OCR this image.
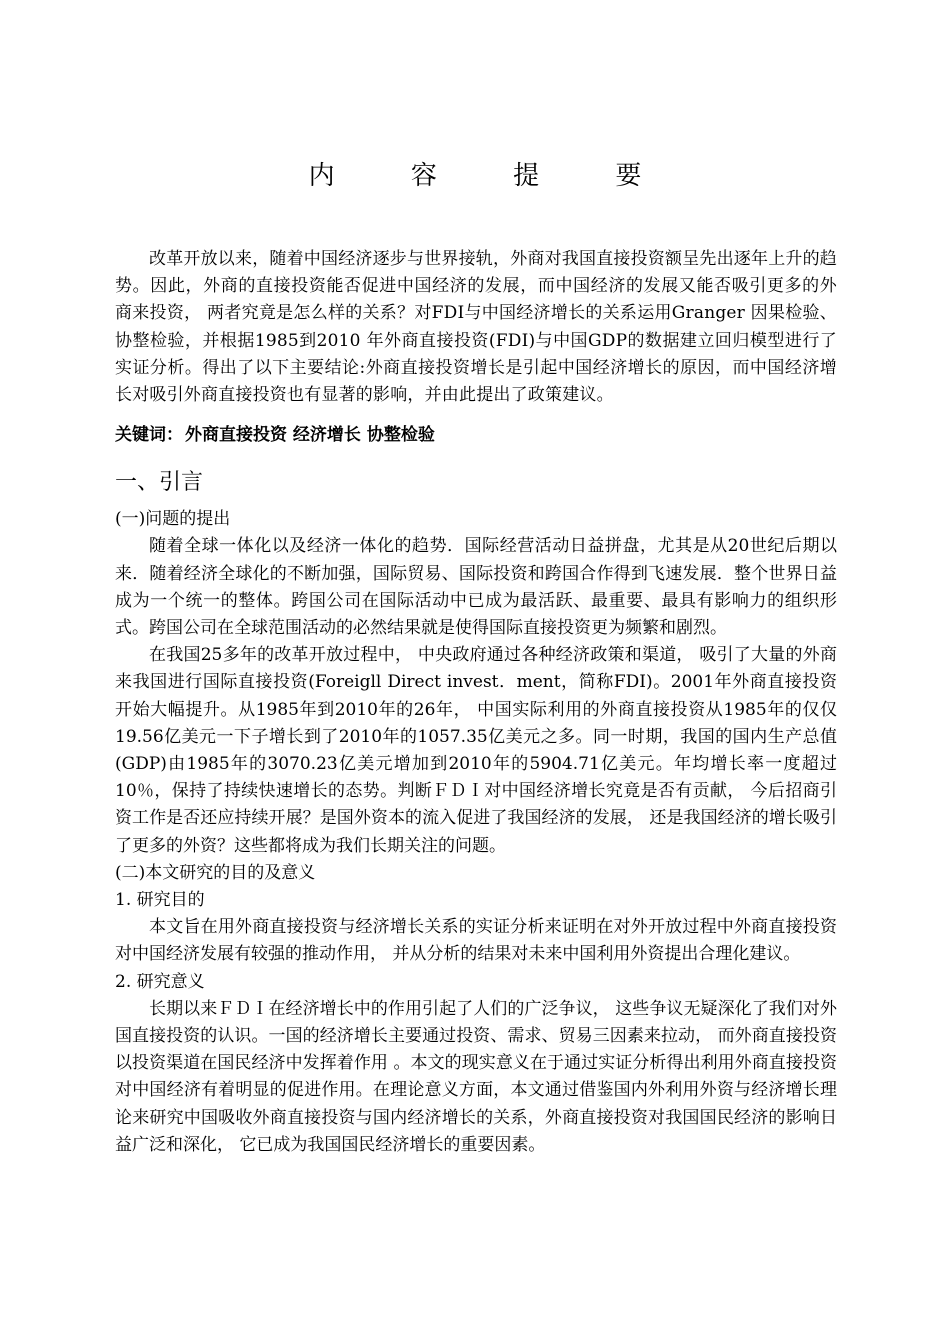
内 容 提 要

改革开放以来，随着中国经济逐步与世界接轨，外商对我国直接投资额呈先出逐年上升的趋势。因此，外商的直接投资能否促进中国经济的发展，而中国经济的发展又能否吸引更多的外商来投资， 两者究竟是怎么样的关系？对FDI与中国经济增长的关系运用Granger 因果检验、协整检验，并根据1985到2010 年外商直接投资(FDI)与中国GDP的数据建立回归模型进行了实证分析。得出了以下主要结论:外商直接投资增长是引起中国经济增长的原因，而中国经济增长对吸引外商直接投资也有显著的影响，并由此提出了政策建议。

关键词： 外商直接投资 经济增长 协整检验
一、引言

(一)问题的提出

随着全球一体化以及经济一体化的趋势．国际经营活动日益拼盘，尤其是从20世纪后期以来．随着经济全球化的不断加强，国际贸易、国际投资和跨国合作得到飞速发展．整个世界日益成为一个统一的整体。跨国公司在国际活动中已成为最活跃、最重要、最具有影响力的组织形式。跨国公司在全球范围活动的必然结果就是使得国际直接投资更为频繁和剧烈。

在我国25多年的改革开放过程中， 中央政府通过各种经济政策和渠道， 吸引了大量的外商来我国进行国际直接投资(Foreigll Direct invest．ment，简称FDI)。2001年外商直接投资开始大幅提升。从1985年到2010年的26年， 中国实际利用的外商直接投资从1985年的仅仅19.56亿美元一下子增长到了2010年的1057.35亿美元之多。同一时期，我国的国内生产总值(GDP)由1985年的3070.23亿美元增加到2010年的5904.71亿美元。年均增长率一度超过10％，保持了持续快速增长的态势。判断ＦＤＩ对中国经济增长究竟是否有贡献， 今后招商引资工作是否还应持续开展？是国外资本的流入促进了我国经济的发展， 还是我国经济的增长吸引了更多的外资？这些都将成为我们长期关注的问题。

(二)本文研究的目的及意义

1. 研究目的

本文旨在用外商直接投资与经济增长关系的实证分析来证明在对外开放过程中外商直接投资对中国经济发展有较强的推动作用， 并从分析的结果对未来中国利用外资提出合理化建议。

2. 研究意义

长期以来ＦＤＩ在经济增长中的作用引起了人们的广泛争议， 这些争议无疑深化了我们对外国直接投资的认识。一国的经济增长主要通过投资、需求、贸易三因素来拉动， 而外商直接投资以投资渠道在国民经济中发挥着作用 。本文的现实意义在于通过实证分析得出利用外商直接投资对中国经济有着明显的促进作用。在理论意义方面，本文通过借鉴国内外利用外资与经济增长理论来研究中国吸收外商直接投资与国内经济增长的关系，外商直接投资对我国国民经济的影响日益广泛和深化， 它已成为我国国民经济增长的重要因素。
